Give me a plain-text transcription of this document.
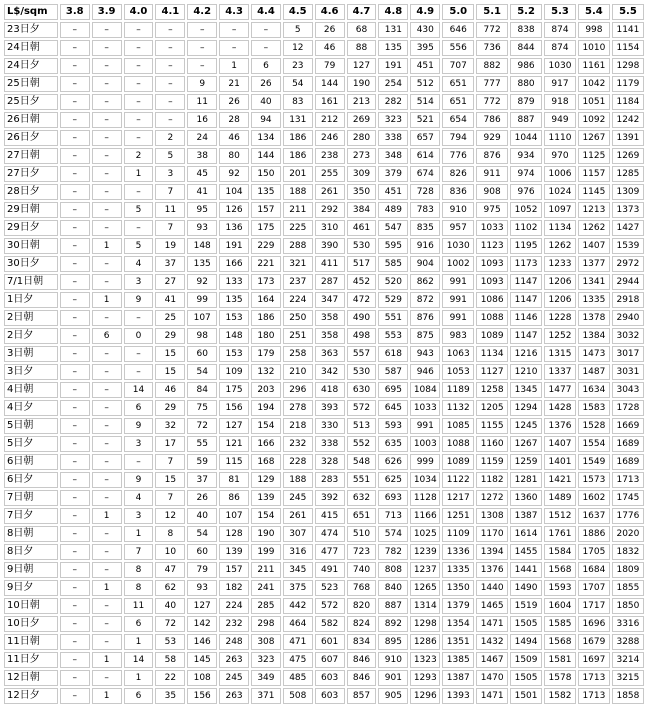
L$/sqm	3.8	3.9	4.0	4.1	4.2	4.3	4.4	4.5	4.6	4.7	4.8	4.9	5.0	5.1	5.2	5.3	5.4	5.5
23日夕	–	–	–	–	–	–	–	5	26	68	131	430	646	772	838	874	998	1141
24日朝	–	–	–	–	–	–	–	12	46	88	135	395	556	736	844	874	1010	1154
24日夕	–	–	–	–	–	1	6	23	79	127	191	451	707	882	986	1030	1161	1298
25日朝	–	–	–	–	9	21	26	54	144	190	254	512	651	777	880	917	1042	1179
25日夕	–	–	–	–	11	26	40	83	161	213	282	514	651	772	879	918	1051	1184
26日朝	–	–	–	–	16	28	94	131	212	269	323	521	654	786	887	949	1092	1242
26日夕	–	–	–	2	24	46	134	186	246	280	338	657	794	929	1044	1110	1267	1391
27日朝	–	–	2	5	38	80	144	186	238	273	348	614	776	876	934	970	1125	1269
27日夕	–	–	1	3	45	92	150	201	255	309	379	674	826	911	974	1006	1157	1285
28日夕	–	–	–	7	41	104	135	188	261	350	451	728	836	908	976	1024	1145	1309
29日朝	–	–	5	11	95	126	157	211	292	384	489	783	910	975	1052	1097	1213	1373
29日夕	–	–	–	7	93	136	175	225	310	461	547	835	957	1033	1102	1134	1262	1427
30日朝	–	1	5	19	148	191	229	288	390	530	595	916	1030	1123	1195	1262	1407	1539
30日夕	–	–	4	37	135	166	221	321	411	517	585	904	1002	1093	1173	1233	1377	2972
7/1日朝	–	–	3	27	92	133	173	237	287	452	520	862	991	1093	1147	1206	1341	2944
1日夕	–	1	9	41	99	135	164	224	347	472	529	872	991	1086	1147	1206	1335	2918
2日朝	–	–	–	25	107	153	186	250	358	490	551	876	991	1088	1146	1228	1378	2940
2日夕	–	6	0	29	98	148	180	251	358	498	553	875	983	1089	1147	1252	1384	3032
3日朝	–	–	–	15	60	153	179	258	363	557	618	943	1063	1134	1216	1315	1473	3017
3日夕	–	–	–	15	54	109	132	210	342	530	587	946	1053	1127	1210	1337	1487	3031
4日朝	–	–	14	46	84	175	203	296	418	630	695	1084	1189	1258	1345	1477	1634	3043
4日夕	–	–	6	29	75	156	194	278	393	572	645	1033	1132	1205	1294	1428	1583	1728
5日朝	–	–	9	32	72	127	154	218	330	513	593	991	1085	1155	1245	1376	1528	1669
5日夕	–	–	3	17	55	121	166	232	338	552	635	1003	1088	1160	1267	1407	1554	1689
6日朝	–	–	–	7	59	115	168	228	328	548	626	999	1089	1159	1259	1401	1549	1689
6日夕	–	–	9	15	37	81	129	188	283	551	625	1034	1122	1182	1281	1421	1573	1713
7日朝	–	–	4	7	26	86	139	245	392	632	693	1128	1217	1272	1360	1489	1602	1745
7日夕	–	1	3	12	40	107	154	261	415	651	713	1166	1251	1308	1387	1512	1637	1776
8日朝	–	–	1	8	54	128	190	307	474	510	574	1025	1109	1170	1614	1761	1886	2020
8日夕	–	–	7	10	60	139	199	316	477	723	782	1239	1336	1394	1455	1584	1705	1832
9日朝	–	–	8	47	79	157	211	345	491	740	808	1237	1335	1376	1441	1568	1684	1809
9日夕	–	1	8	62	93	182	241	375	523	768	840	1265	1350	1440	1490	1593	1707	1855
10日朝	–	–	11	40	127	224	285	442	572	820	887	1314	1379	1465	1519	1604	1717	1850
10日夕	–	–	6	72	142	232	298	464	582	824	892	1298	1354	1471	1505	1585	1696	3316
11日朝	–	–	1	53	146	248	308	471	601	834	895	1286	1351	1432	1494	1568	1679	3288
11日夕	–	1	14	58	145	263	323	475	607	846	910	1323	1385	1467	1509	1581	1697	3214
12日朝	–	–	1	22	108	245	349	485	603	846	901	1293	1387	1470	1505	1578	1713	3215
12日夕	–	1	6	35	156	263	371	508	603	857	905	1296	1393	1471	1501	1582	1713	1858
